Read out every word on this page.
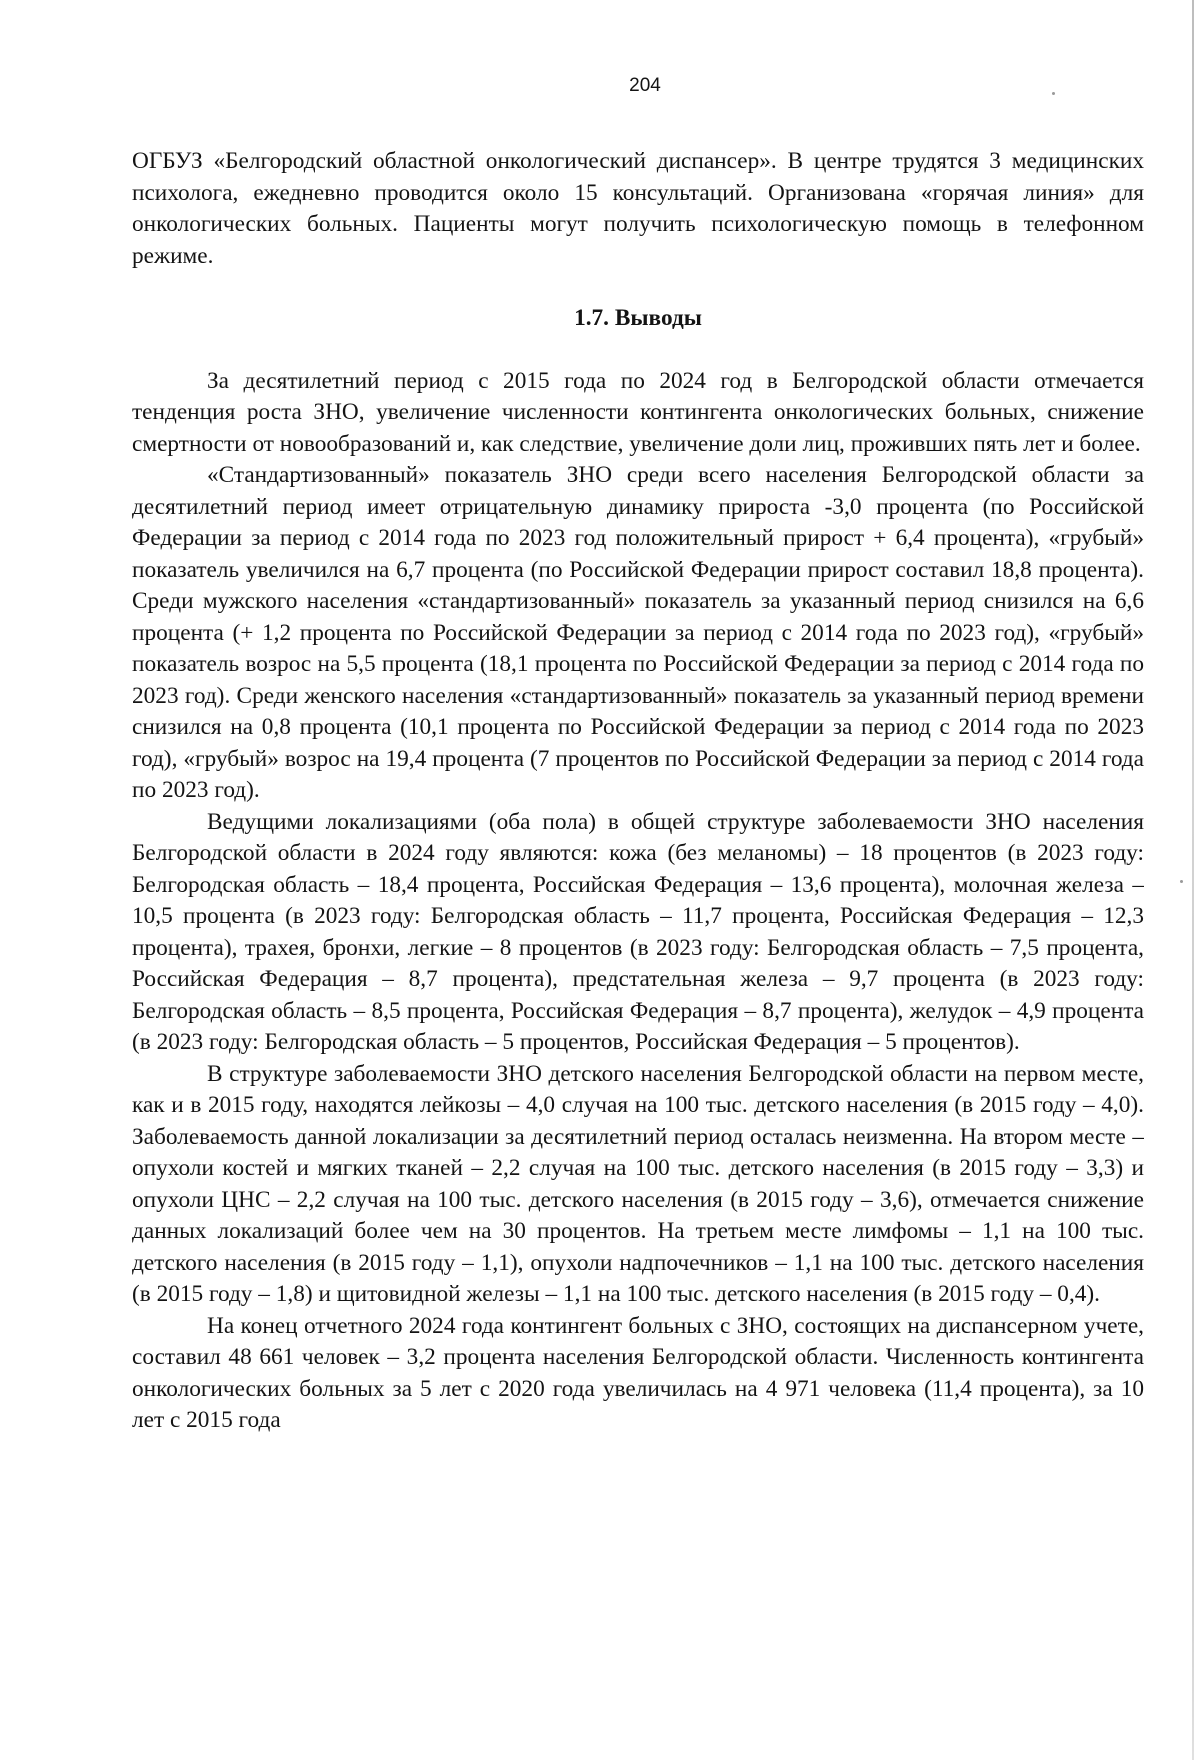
204

ОГБУЗ «Белгородский областной онкологический диспансер». В центре трудятся 3 медицинских психолога, ежедневно проводится около 15 консультаций. Организована «горячая линия» для онкологических больных. Пациенты могут получить психологическую помощь в телефонном режиме.

1.7. Выводы

За десятилетний период с 2015 года по 2024 год в Белгородской области отмечается тенденция роста ЗНО, увеличение численности контингента онкологических больных, снижение смертности от новообразований и, как следствие, увеличение доли лиц, проживших пять лет и более.

«Стандартизованный» показатель ЗНО среди всего населения Белгородской области за десятилетний период имеет отрицательную динамику прироста -3,0 процента (по Российской Федерации за период с 2014 года по 2023 год положительный прирост + 6,4 процента), «грубый» показатель увеличился на 6,7 процента (по Российской Федерации прирост составил 18,8 процента). Среди мужского населения «стандартизованный» показатель за указанный период снизился на 6,6 процента (+ 1,2 процента по Российской Федерации за период с 2014 года по 2023 год), «грубый» показатель возрос на 5,5 процента (18,1 процента по Российской Федерации за период с 2014 года по 2023 год). Среди женского населения «стандартизованный» показатель за указанный период времени снизился на 0,8 процента (10,1 процента по Российской Федерации за период с 2014 года по 2023 год), «грубый» возрос на 19,4 процента (7 процентов по Российской Федерации за период с 2014 года по 2023 год).

Ведущими локализациями (оба пола) в общей структуре заболеваемости ЗНО населения Белгородской области в 2024 году являются: кожа (без меланомы) – 18 процентов (в 2023 году: Белгородская область – 18,4 процента, Российская Федерация – 13,6 процента), молочная железа – 10,5 процента (в 2023 году: Белгородская область – 11,7 процента, Российская Федерация – 12,3 процента), трахея, бронхи, легкие – 8 процентов (в 2023 году: Белгородская область – 7,5 процента, Российская Федерация – 8,7 процента), предстательная железа – 9,7 процента (в 2023 году: Белгородская область – 8,5 процента, Российская Федерация – 8,7 процента), желудок – 4,9 процента (в 2023 году: Белгородская область – 5 процентов, Российская Федерация – 5 процентов).

В структуре заболеваемости ЗНО детского населения Белгородской области на первом месте, как и в 2015 году, находятся лейкозы – 4,0 случая на 100 тыс. детского населения (в 2015 году – 4,0). Заболеваемость данной локализации за десятилетний период осталась неизменна. На втором месте – опухоли костей и мягких тканей – 2,2 случая на 100 тыс. детского населения (в 2015 году – 3,3) и опухоли ЦНС – 2,2 случая на 100 тыс. детского населения (в 2015 году – 3,6), отмечается снижение данных локализаций более чем на 30 процентов. На третьем месте лимфомы – 1,1 на 100 тыс. детского населения (в 2015 году – 1,1), опухоли надпочечников – 1,1 на 100 тыс. детского населения (в 2015 году – 1,8) и щитовидной железы – 1,1 на 100 тыс. детского населения (в 2015 году – 0,4).

На конец отчетного 2024 года контингент больных с ЗНО, состоящих на диспансерном учете, составил 48 661 человек – 3,2 процента населения Белгородской области. Численность контингента онкологических больных за 5 лет с 2020 года увеличилась на 4 971 человека (11,4 процента), за 10 лет с 2015 года
